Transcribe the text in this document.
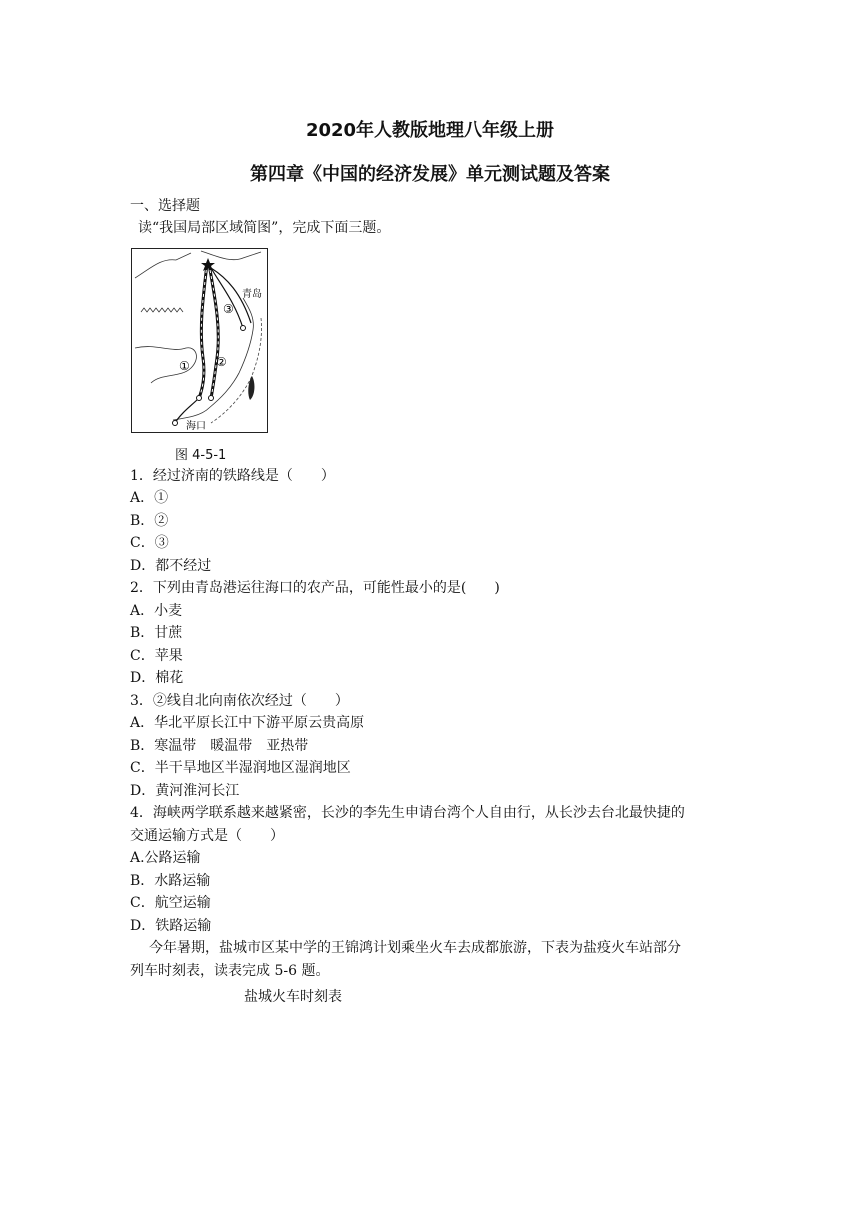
2020年人教版地理八年级上册
第四章《中国的经济发展》单元测试题及答案
一、选择题
读“我国局部区域简图”，完成下面三题。
青岛
海口
① ②
③
图 4-5-1
1．经过济南的铁路线是（　　）
A．①
B．②
C．③
D．都不经过
2．下列由青岛港运往海口的农产品，可能性最小的是(　　)
A．小麦
B．甘蔗
C．苹果
D．棉花
3．②线自北向南依次经过（　　）
A．华北平原长江中下游平原云贵高原
B．寒温带　暖温带　亚热带
C．半干旱地区半湿润地区湿润地区
D．黄河淮河长江
4．海峡两学联系越来越紧密，长沙的李先生申请台湾个人自由行，从长沙去台北最快捷的
交通运输方式是（　　）
A.公路运输
B．水路运输
C．航空运输
D．铁路运输
今年暑期，盐城市区某中学的王锦鸿计划乘坐火车去成都旅游，下表为盐疫火车站部分
列车时刻表，读表完成 5-6 题。
盐城火车时刻表
